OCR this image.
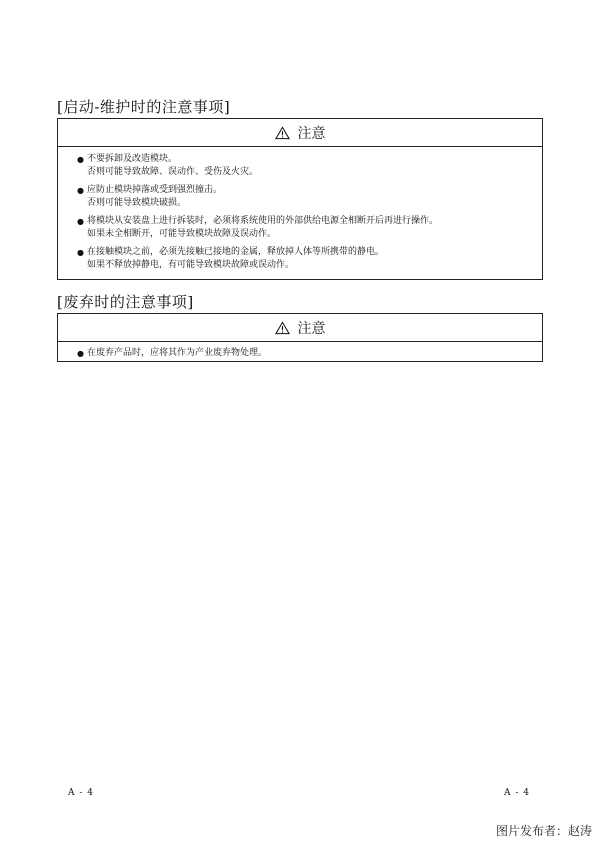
[启动-维护时的注意事项]
注意
● 不要拆卸及改造模块。
否则可能导致故障、误动作、受伤及火灾。
● 应防止模块掉落或受到强烈撞击。
否则可能导致模块破损。
● 将模块从安装盘上进行拆装时，必须将系统使用的外部供给电源全相断开后再进行操作。
如果未全相断开，可能导致模块故障及误动作。
● 在接触模块之前，必须先接触已接地的金属，释放掉人体等所携带的静电。
如果不释放掉静电，有可能导致模块故障或误动作。
[废弃时的注意事项]
注意
● 在废弃产品时，应将其作为产业废弃物处理。
A - 4	A - 4
图片发布者：赵涛
